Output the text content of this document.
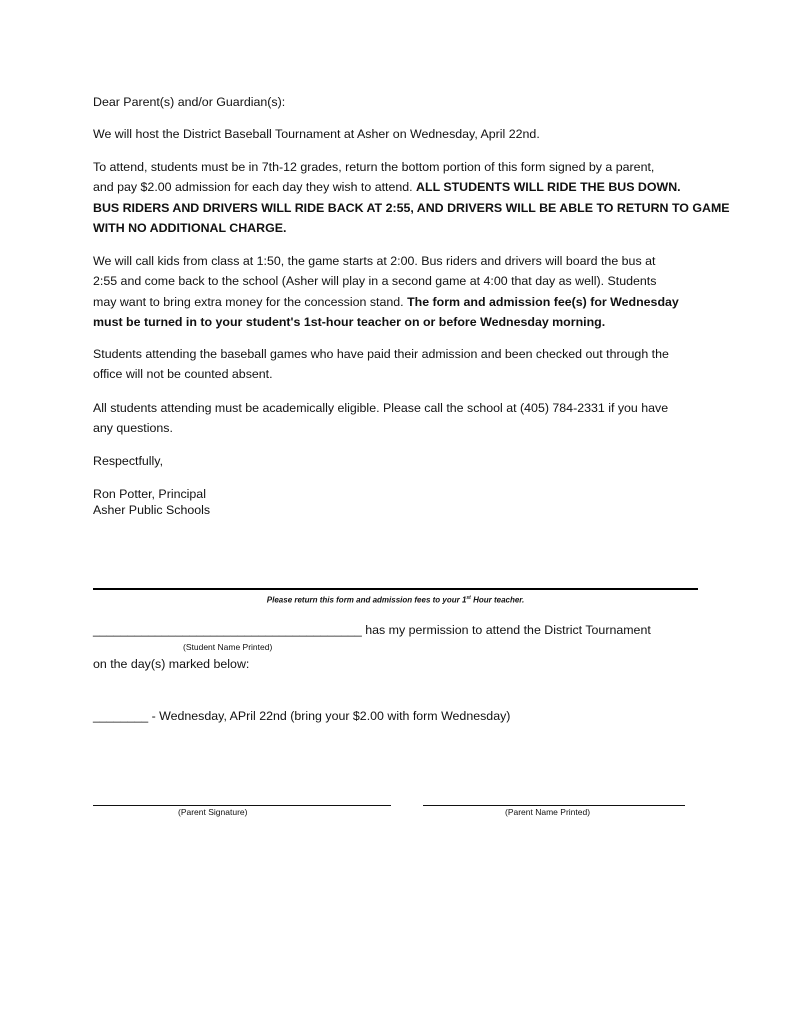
Dear Parent(s) and/or Guardian(s):
We will host the District Baseball Tournament at Asher on Wednesday, April 22nd.
To attend, students must be in 7th-12 grades, return the bottom portion of this form signed by a parent,
and pay $2.00 admission for each day they wish to attend. ALL STUDENTS WILL RIDE THE BUS DOWN.
BUS RIDERS AND DRIVERS WILL RIDE BACK AT 2:55, AND DRIVERS WILL BE ABLE TO RETURN TO GAME
WITH NO ADDITIONAL CHARGE.
We will call kids from class at 1:50, the game starts at 2:00. Bus riders and drivers will board the bus at
2:55 and come back to the school (Asher will play in a second game at 4:00 that day as well). Students
may want to bring extra money for the concession stand. The form and admission fee(s) for Wednesday
must be turned in to your student's 1st-hour teacher on or before Wednesday morning.
Students attending the baseball games who have paid their admission and been checked out through the
office will not be counted absent.
All students attending must be academically eligible. Please call the school at (405) 784-2331 if you have
any questions.
Respectfully,
Ron Potter, Principal
Asher Public Schools
Please return this form and admission fees to your 1st Hour teacher.
_______________________________________ has my permission to attend the District Tournament
(Student Name Printed)
on the day(s) marked below:
________ - Wednesday, APril 22nd (bring your $2.00 with form Wednesday)
(Parent Signature)	(Parent Name Printed)
